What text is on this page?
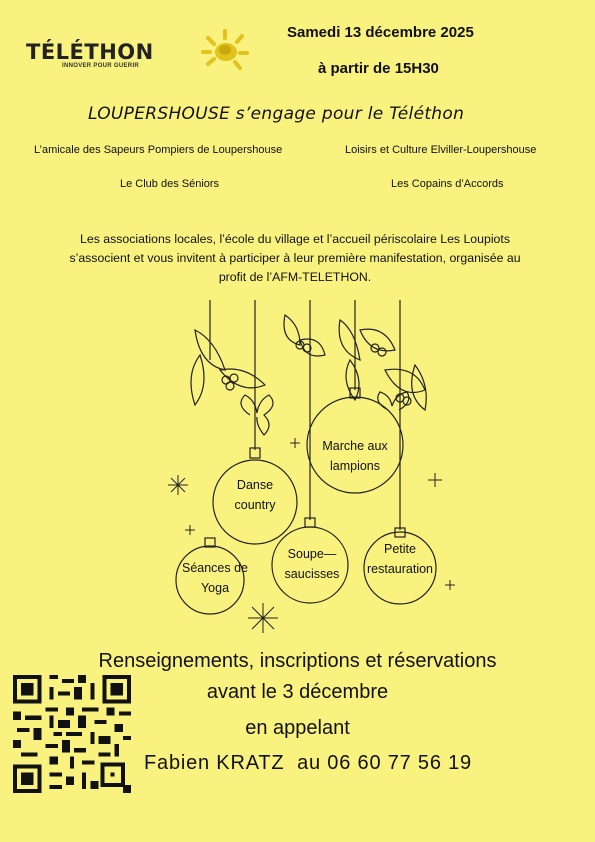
TÉLÉTHON
INNOVER POUR GUERIR
Samedi 13 décembre 2025
à partir de 15H30
LOUPERSHOUSE s’engage pour le Téléthon
L’amicale des Sapeurs Pompiers de Loupershouse	Loisirs et Culture Elviller-Loupershouse
Le Club des Séniors	Les Copains d’Accords
Les associations locales, l’école du village et l’accueil périscolaire Les Loupiots s’associent et vous invitent à participer à leur première manifestation, organisée au profit de l’AFM-TELETHON.
Marche aux lampions
Danse country
Séances de Yoga
Soupe—saucisses
Petite restauration
Renseignements, inscriptions et réservations
avant le 3 décembre
en appelant
Fabien KRATZ au 06 60 77 56 19
